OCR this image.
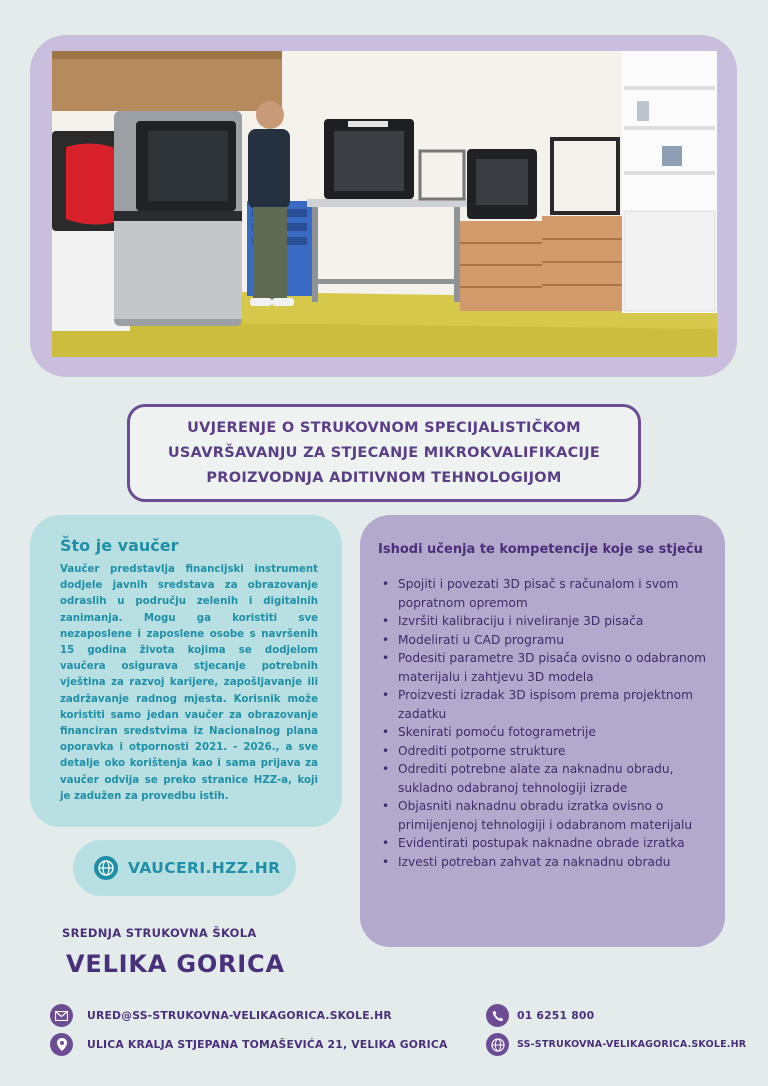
UVJERENJE O STRUKOVNOM SPECIJALISTIČKOM
USAVRŠAVANJU ZA STJECANJE MIKROKVALIFIKACIJE
PROIZVODNJA ADITIVNOM TEHNOLOGIJOM
Što je vaučer

Vaučer predstavlja financijski instrument dodjele javnih sredstava za obrazovanje odraslih u području zelenih i digitalnih zanimanja. Mogu ga koristiti sve nezaposlene i zaposlene osobe s navršenih 15 godina života kojima se dodjelom vaučera osigurava stjecanje potrebnih vještina za razvoj karijere, zapošljavanje ili zadržavanje radnog mjesta. Korisnik može koristiti samo jedan vaučer za obrazovanje financiran sredstvima iz Nacionalnog plana oporavka i otpornosti 2021. - 2026., a sve detalje oko korištenja kao i sama prijava za vaučer odvija se preko stranice HZZ-a, koji je zadužen za provedbu istih.

Ishodi učenja te kompetencije koje se stječu
• Spojiti i povezati 3D pisač s računalom i svom popratnom opremom
• Izvršiti kalibraciju i niveliranje 3D pisača
• Modelirati u CAD programu
• Podesiti parametre 3D pisača ovisno o odabranom materijalu i zahtjevu 3D modela
• Proizvesti izradak 3D ispisom prema projektnom zadatku
• Skenirati pomoću fotogrametrije
• Odrediti potporne strukture
• Odrediti potrebne alate za naknadnu obradu, sukladno odabranoj tehnologiji izrade
• Objasniti naknadnu obradu izratka ovisno o primijenjenoj tehnologiji i odabranom materijalu
• Evidentirati postupak naknadne obrade izratka
• Izvesti potreban zahvat za naknadnu obradu
VAUCERI.HZZ.HR
SREDNJA STRUKOVNA ŠKOLA
VELIKA GORICA
URED@SS-STRUKOVNA-VELIKAGORICA.SKOLE.HR
ULICA KRALJA STJEPANA TOMAŠEVIĆA 21, VELIKA GORICA
01 6251 800
SS-STRUKOVNA-VELIKAGORICA.SKOLE.HR
